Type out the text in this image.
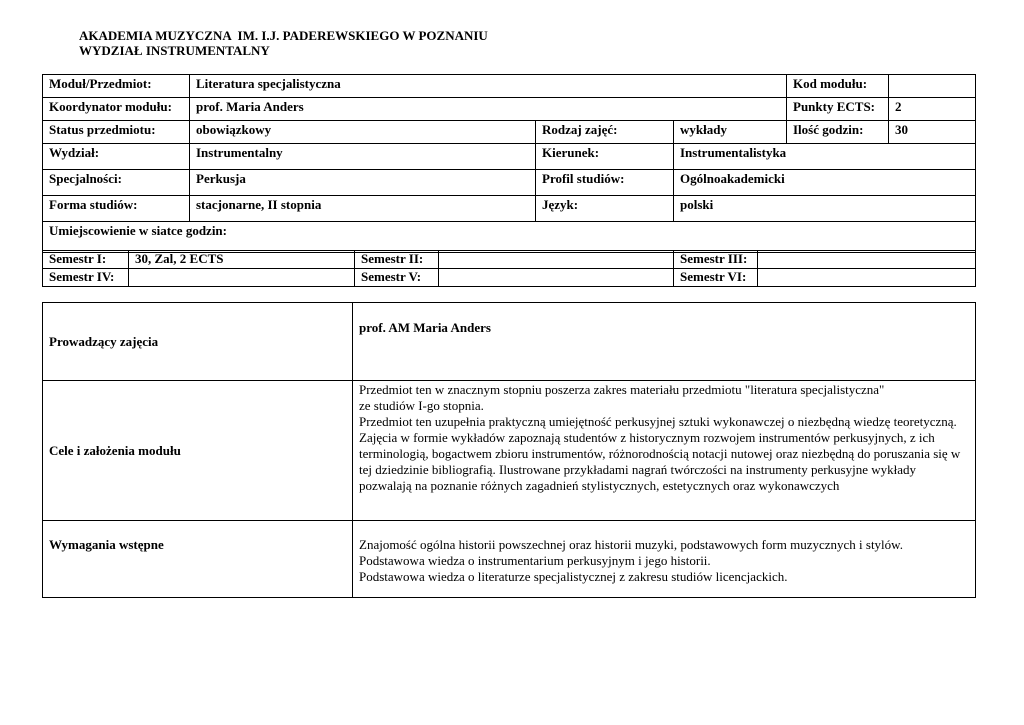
AKADEMIA MUZYCZNA  IM. I.J. PADEREWSKIEGO W POZNANIU
WYDZIAŁ INSTRUMENTALNY
Moduł/Przedmiot:	Literatura specjalistyczna			Kod modułu:	
Koordynator modułu:	prof. Maria Anders			Punkty ECTS:	2
Status przedmiotu:	obowiązkowy	Rodzaj zajęć:	wykłady	Ilość godzin:	30
Wydział:	Instrumentalny	Kierunek:	Instrumentalistyka		
Specjalności:	Perkusja	Profil studiów:	Ogólnoakademicki		
Forma studiów:	stacjonarne, II stopnia	Język:	polski		
Umiejscowienie w siatce godzin:					
Semestr I:	30, Zal, 2 ECTS	Semestr II:		Semestr III:	
Semestr IV:		Semestr V:		Semestr VI:	
Prowadzący zajęcia	prof. AM Maria Anders
Cele i założenia modułu	Przedmiot ten w znacznym stopniu poszerza zakres materiału przedmiotu "literatura specjalistyczna"
ze studiów I-go stopnia.
Przedmiot ten uzupełnia praktyczną umiejętność perkusyjnej sztuki wykonawczej o niezbędną wiedzę teoretyczną. Zajęcia w formie wykładów zapoznają studentów z historycznym rozwojem instrumentów perkusyjnych, z ich terminologią, bogactwem zbioru instrumentów, różnorodnością notacji nutowej oraz niezbędną do poruszania się w tej dziedzinie bibliografią. Ilustrowane przykładami nagrań twórczości na instrumenty perkusyjne wykłady pozwalają na poznanie różnych zagadnień stylistycznych, estetycznych oraz wykonawczych
Wymagania wstępne	Znajomość ogólna historii powszechnej oraz historii muzyki, podstawowych form muzycznych i stylów.
Podstawowa wiedza o instrumentarium perkusyjnym i jego historii.
Podstawowa wiedza o literaturze specjalistycznej z zakresu studiów licencjackich.
